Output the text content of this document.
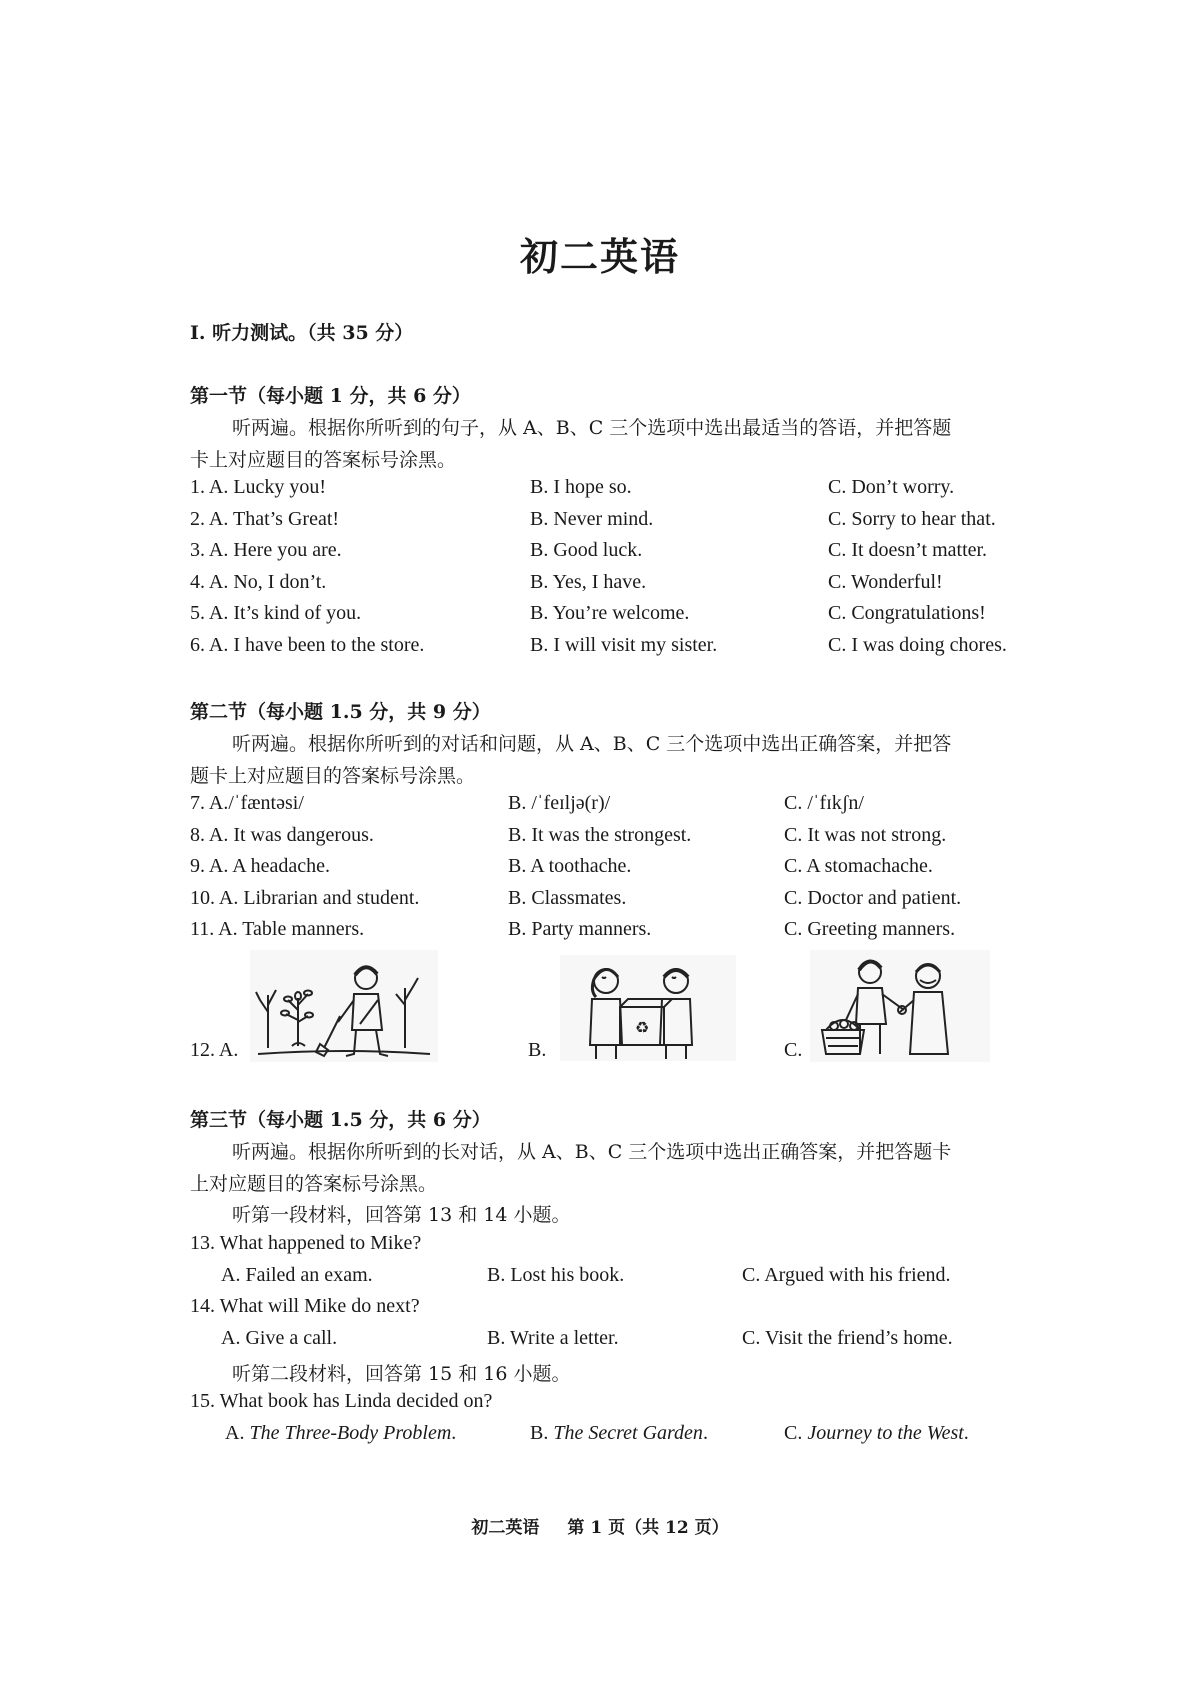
初二英语
I. 听力测试。（共 35 分）
第一节（每小题 1 分，共 6 分）
听两遍。根据你所听到的句子，从 A、B、C 三个选项中选出最适当的答语，并把答题
卡上对应题目的答案标号涂黑。
1. A. Lucky you!	B. I hope so.	C. Don’t worry.
2. A. That’s Great!	B. Never mind.	C. Sorry to hear that.
3. A. Here you are.	B. Good luck.	C. It doesn’t matter.
4. A. No, I don’t.	B. Yes, I have.	C. Wonderful!
5. A. It’s kind of you.	B. You’re welcome.	C. Congratulations!
6. A. I have been to the store.	B. I will visit my sister.	C. I was doing chores.
第二节（每小题 1.5 分，共 9 分）
听两遍。根据你所听到的对话和问题，从 A、B、C 三个选项中选出正确答案，并把答
题卡上对应题目的答案标号涂黑。
7. A./ˈfæntəsi/	B. /ˈfeɪljə(r)/	C. /ˈfɪkʃn/
8. A. It was dangerous.	B. It was the strongest.	C. It was not strong.
9. A. A headache.	B. A toothache.	C. A stomachache.
10. A. Librarian and student.	B. Classmates.	C. Doctor and patient.
11. A. Table manners.	B. Party manners.	C. Greeting manners.
12. A.	B.	C.
♻
第三节（每小题 1.5 分，共 6 分）
听两遍。根据你所听到的长对话，从 A、B、C 三个选项中选出正确答案，并把答题卡
上对应题目的答案标号涂黑。
听第一段材料，回答第 13 和 14 小题。
13. What happened to Mike?
A. Failed an exam.	B. Lost his book.	C. Argued with his friend.
14. What will Mike do next?
A. Give a call.	B. Write a letter.	C. Visit the friend’s home.
听第二段材料，回答第 15 和 16 小题。
15. What book has Linda decided on?
A. The Three-Body Problem.	B. The Secret Garden.	C. Journey to the West.
初二英语 第 1 页（共 12 页）
